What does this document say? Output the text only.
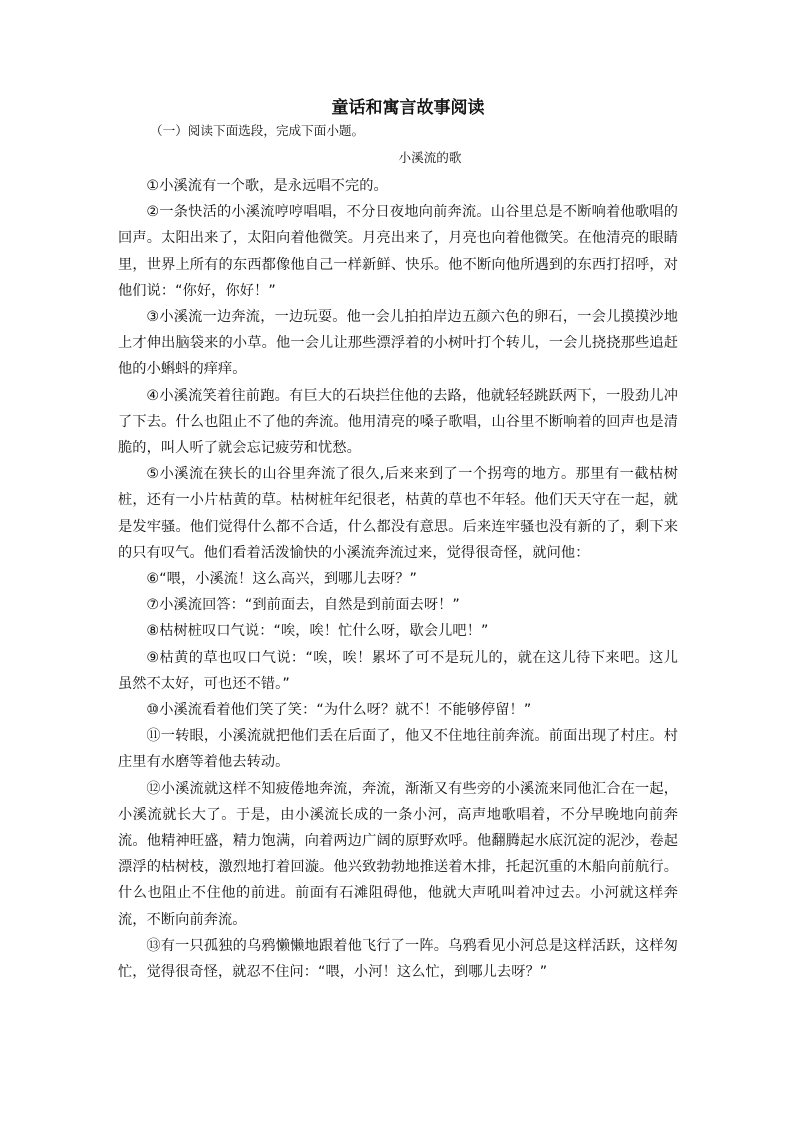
童话和寓言故事阅读

（一）阅读下面选段，完成下面小题。

小溪流的歌

①小溪流有一个歌，是永远唱不完的。

②一条快活的小溪流哼哼唱唱，不分日夜地向前奔流。山谷里总是不断响着他歌唱的回声。太阳出来了，太阳向着他微笑。月亮出来了，月亮也向着他微笑。在他清亮的眼睛里，世界上所有的东西都像他自己一样新鲜、快乐。他不断向他所遇到的东西打招呼，对他们说：“你好，你好！”

③小溪流一边奔流，一边玩耍。他一会儿拍拍岸边五颜六色的卵石，一会儿摸摸沙地上才伸出脑袋来的小草。他一会儿让那些漂浮着的小树叶打个转儿，一会儿挠挠那些追赶他的小蝌蚪的痒痒。

④小溪流笑着往前跑。有巨大的石块拦住他的去路，他就轻轻跳跃两下，一股劲儿冲了下去。什么也阻止不了他的奔流。他用清亮的嗓子歌唱，山谷里不断响着的回声也是清脆的，叫人听了就会忘记疲劳和忧愁。

⑤小溪流在狭长的山谷里奔流了很久,后来来到了一个拐弯的地方。那里有一截枯树桩，还有一小片枯黄的草。枯树桩年纪很老，枯黄的草也不年轻。他们天天守在一起，就是发牢骚。他们觉得什么都不合适，什么都没有意思。后来连牢骚也没有新的了，剩下来的只有叹气。他们看着活泼愉快的小溪流奔流过来，觉得很奇怪，就问他：

⑥“喂，小溪流！这么高兴，到哪儿去呀？”

⑦小溪流回答：“到前面去，自然是到前面去呀！”

⑧枯树桩叹口气说：“唉，唉！忙什么呀，歇会儿吧！”

⑨枯黄的草也叹口气说：“唉，唉！累坏了可不是玩儿的，就在这儿待下来吧。这儿虽然不太好，可也还不错。”

⑩小溪流看着他们笑了笑：“为什么呀？就不！不能够停留！”

⑪一转眼，小溪流就把他们丢在后面了，他又不住地往前奔流。前面出现了村庄。村庄里有水磨等着他去转动。

⑫小溪流就这样不知疲倦地奔流，奔流，渐渐又有些旁的小溪流来同他汇合在一起，小溪流就长大了。于是，由小溪流长成的一条小河，高声地歌唱着，不分早晚地向前奔流。他精神旺盛，精力饱满，向着两边广阔的原野欢呼。他翻腾起水底沉淀的泥沙，卷起漂浮的枯树枝，激烈地打着回漩。他兴致勃勃地推送着木排，托起沉重的木船向前航行。什么也阻止不住他的前进。前面有石滩阻碍他，他就大声吼叫着冲过去。小河就这样奔流，不断向前奔流。

⑬有一只孤独的乌鸦懒懒地跟着他飞行了一阵。乌鸦看见小河总是这样活跃，这样匆忙，觉得很奇怪，就忍不住问：“喂，小河！这么忙，到哪儿去呀？”
